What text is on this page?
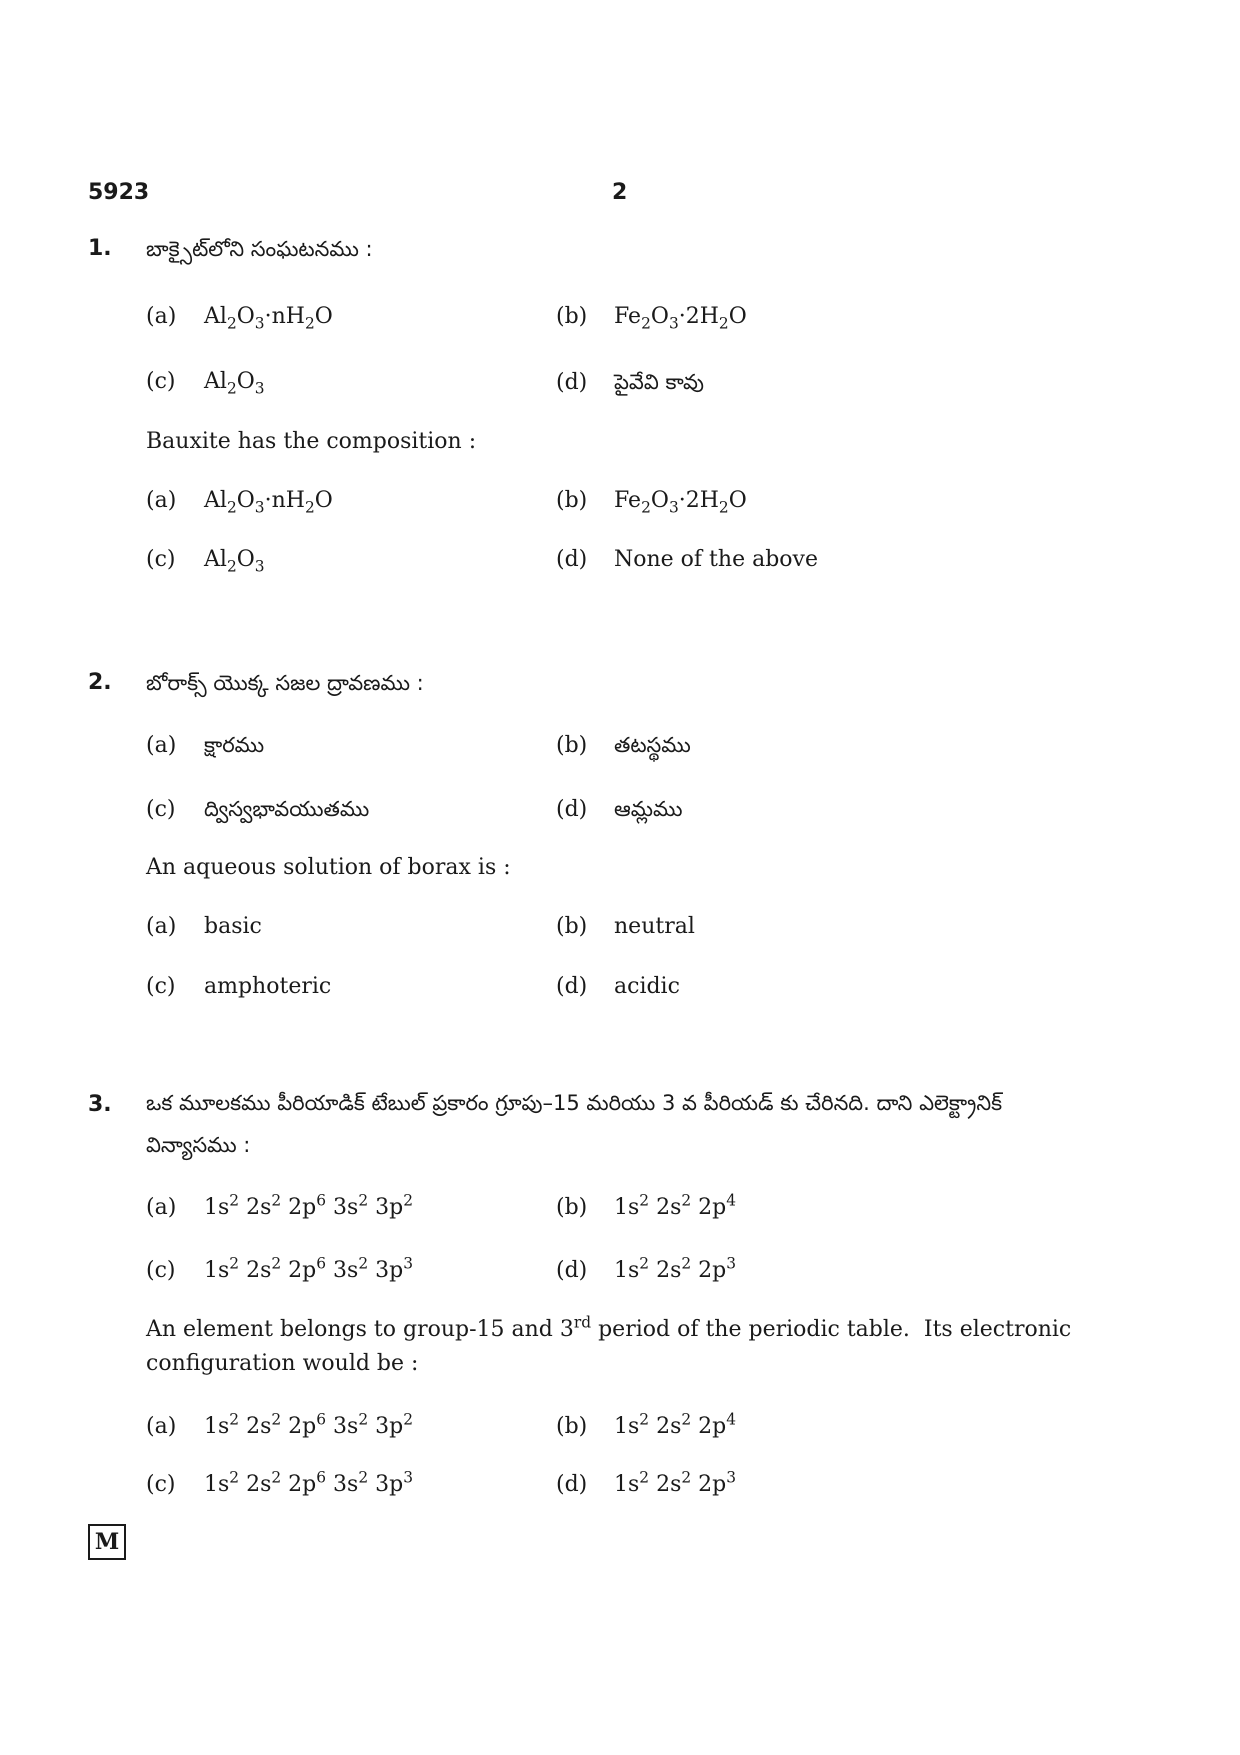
5923	2
1. బాక్సైట్‌లోని సంఘటనము :
(a) $Al_2O_3\cdot nH_2O$	(b) $Fe_2O_3\cdot 2H_2O$
(c) $Al_2O_3$	(d) పైవేవి కావు
Bauxite has the composition :
(a) $Al_2O_3\cdot nH_2O$	(b) $Fe_2O_3\cdot 2H_2O$
(c) $Al_2O_3$	(d) None of the above
2. బోరాక్స్ యొక్క సజల ద్రావణము :
(a) క్షారము	(b) తటస్థము
(c) ద్విస్వభావయుతము	(d) ఆమ్లము
An aqueous solution of borax is :
(a) basic	(b) neutral
(c) amphoteric	(d) acidic
3. ఒక మూలకము పీరియాడిక్ టేబుల్ ప్రకారం గ్రూపు–15 మరియు 3 వ పీరియడ్ కు చేరినది. దాని ఎలెక్ట్రానిక్ విన్యాసము :
(a) $1s^2$ $2s^2$ $2p^6$ $3s^2$ $3p^2$	(b) $1s^2$ $2s^2$ $2p^4$
(c) $1s^2$ $2s^2$ $2p^6$ $3s^2$ $3p^3$	(d) $1s^2$ $2s^2$ $2p^3$
An element belongs to group-15 and 3rd period of the periodic table.  Its electronic configuration would be :
(a) $1s^2$ $2s^2$ $2p^6$ $3s^2$ $3p^2$	(b) $1s^2$ $2s^2$ $2p^4$
(c) $1s^2$ $2s^2$ $2p^6$ $3s^2$ $3p^3$	(d) $1s^2$ $2s^2$ $2p^3$
M
